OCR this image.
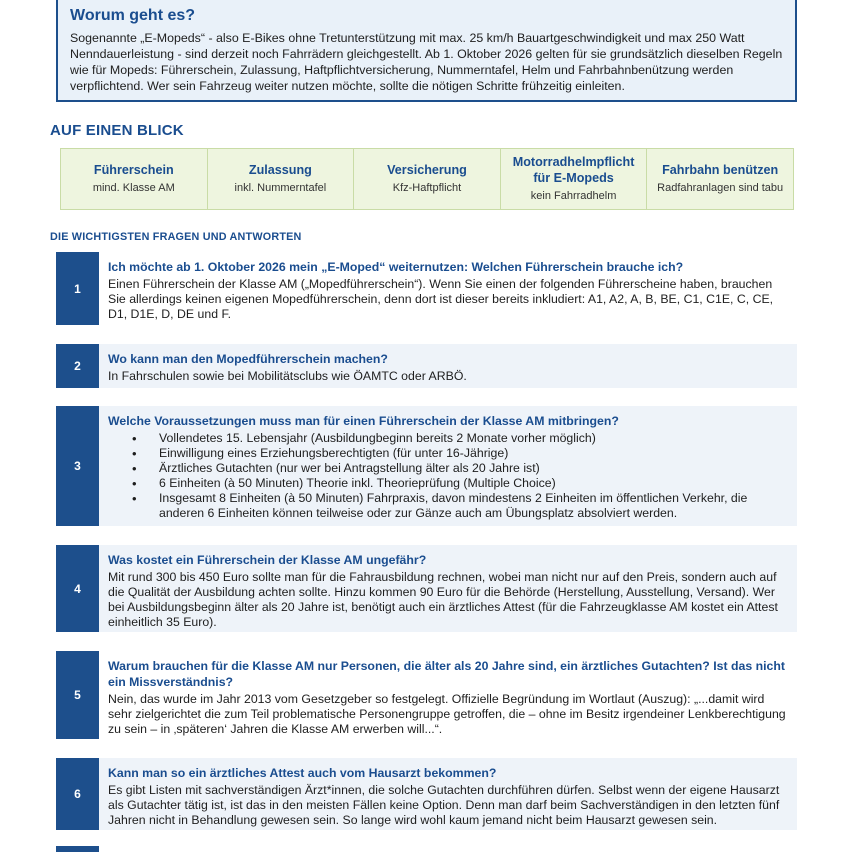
Worum geht es?
Sogenannte „E-Mopeds“ - also E-Bikes ohne Tretunterstützung mit max. 25 km/h Bauartgeschwindigkeit und max 250 Watt Nenndauerleistung - sind derzeit noch Fahrrädern gleichgestellt. Ab 1. Oktober 2026 gelten für sie grundsätzlich dieselben Regeln wie für Mopeds: Führerschein, Zulassung, Haftpflichtversicherung, Nummerntafel, Helm und Fahrbahnbenützung werden verpflichtend. Wer sein Fahrzeug weiter nutzen möchte, sollte die nötigen Schritte frühzeitig einleiten.
AUF EINEN BLICK
Führerschein
mind. Klasse AM
Zulassung
inkl. Nummerntafel
Versicherung
Kfz-Haftpflicht
Motorradhelmpflicht für E-Mopeds
kein Fahrradhelm
Fahrbahn benützen
Radfahranlagen sind tabu
DIE WICHTIGSTEN FRAGEN UND ANTWORTEN
1
Ich möchte ab 1. Oktober 2026 mein „E-Moped“ weiternutzen: Welchen Führerschein brauche ich?
Einen Führerschein der Klasse AM („Mopedführerschein“). Wenn Sie einen der folgenden Führerscheine haben, brauchen Sie allerdings keinen eigenen Mopedführerschein, denn dort ist dieser bereits inkludiert: A1, A2, A, B, BE, C1, C1E, C, CE, D1, D1E, D, DE und F.
2	Wo kann man den Mopedführerschein machen?
In Fahrschulen sowie bei Mobilitätsclubs wie ÖAMTC oder ARBÖ.
3
Welche Voraussetzungen muss man für einen Führerschein der Klasse AM mitbringen?
• Vollendetes 15. Lebensjahr (Ausbildungbeginn bereits 2 Monate vorher möglich)
• Einwilligung eines Erziehungsberechtigten (für unter 16-Jährige)
• Ärztliches Gutachten (nur wer bei Antragstellung älter als 20 Jahre ist)
• 6 Einheiten (à 50 Minuten) Theorie inkl. Theorieprüfung (Multiple Choice)
• Insgesamt 8 Einheiten (à 50 Minuten) Fahrpraxis, davon mindestens 2 Einheiten im öffentlichen Verkehr, die anderen 6 Einheiten können teilweise oder zur Gänze auch am Übungsplatz absolviert werden.
4
Was kostet ein Führerschein der Klasse AM ungefähr?
Mit rund 300 bis 450 Euro sollte man für die Fahrausbildung rechnen, wobei man nicht nur auf den Preis, sondern auch auf die Qualität der Ausbildung achten sollte. Hinzu kommen 90 Euro für die Behörde (Herstellung, Ausstellung, Versand). Wer bei Ausbildungsbeginn älter als 20 Jahre ist, benötigt auch ein ärztliches Attest (für die Fahrzeugklasse AM kostet ein Attest einheitlich 35 Euro).
5
Warum brauchen für die Klasse AM nur Personen, die älter als 20 Jahre sind, ein ärztliches Gutachten? Ist das nicht ein Missverständnis?
Nein, das wurde im Jahr 2013 vom Gesetzgeber so festgelegt. Offizielle Begründung im Wortlaut (Auszug): „...damit wird sehr zielgerichtet die zum Teil problematische Personengruppe getroffen, die – ohne im Besitz irgendeiner Lenkberechtigung zu sein – in ‚späteren‘ Jahren die Klasse AM erwerben will...“.
6
Kann man so ein ärztliches Attest auch vom Hausarzt bekommen?
Es gibt Listen mit sachverständigen Ärzt*innen, die solche Gutachten durchführen dürfen. Selbst wenn der eigene Hausarzt als Gutachter tätig ist, ist das in den meisten Fällen keine Option. Denn man darf beim Sachverständigen in den letzten fünf Jahren nicht in Behandlung gewesen sein. So lange wird wohl kaum jemand nicht beim Hausarzt gewesen sein.
